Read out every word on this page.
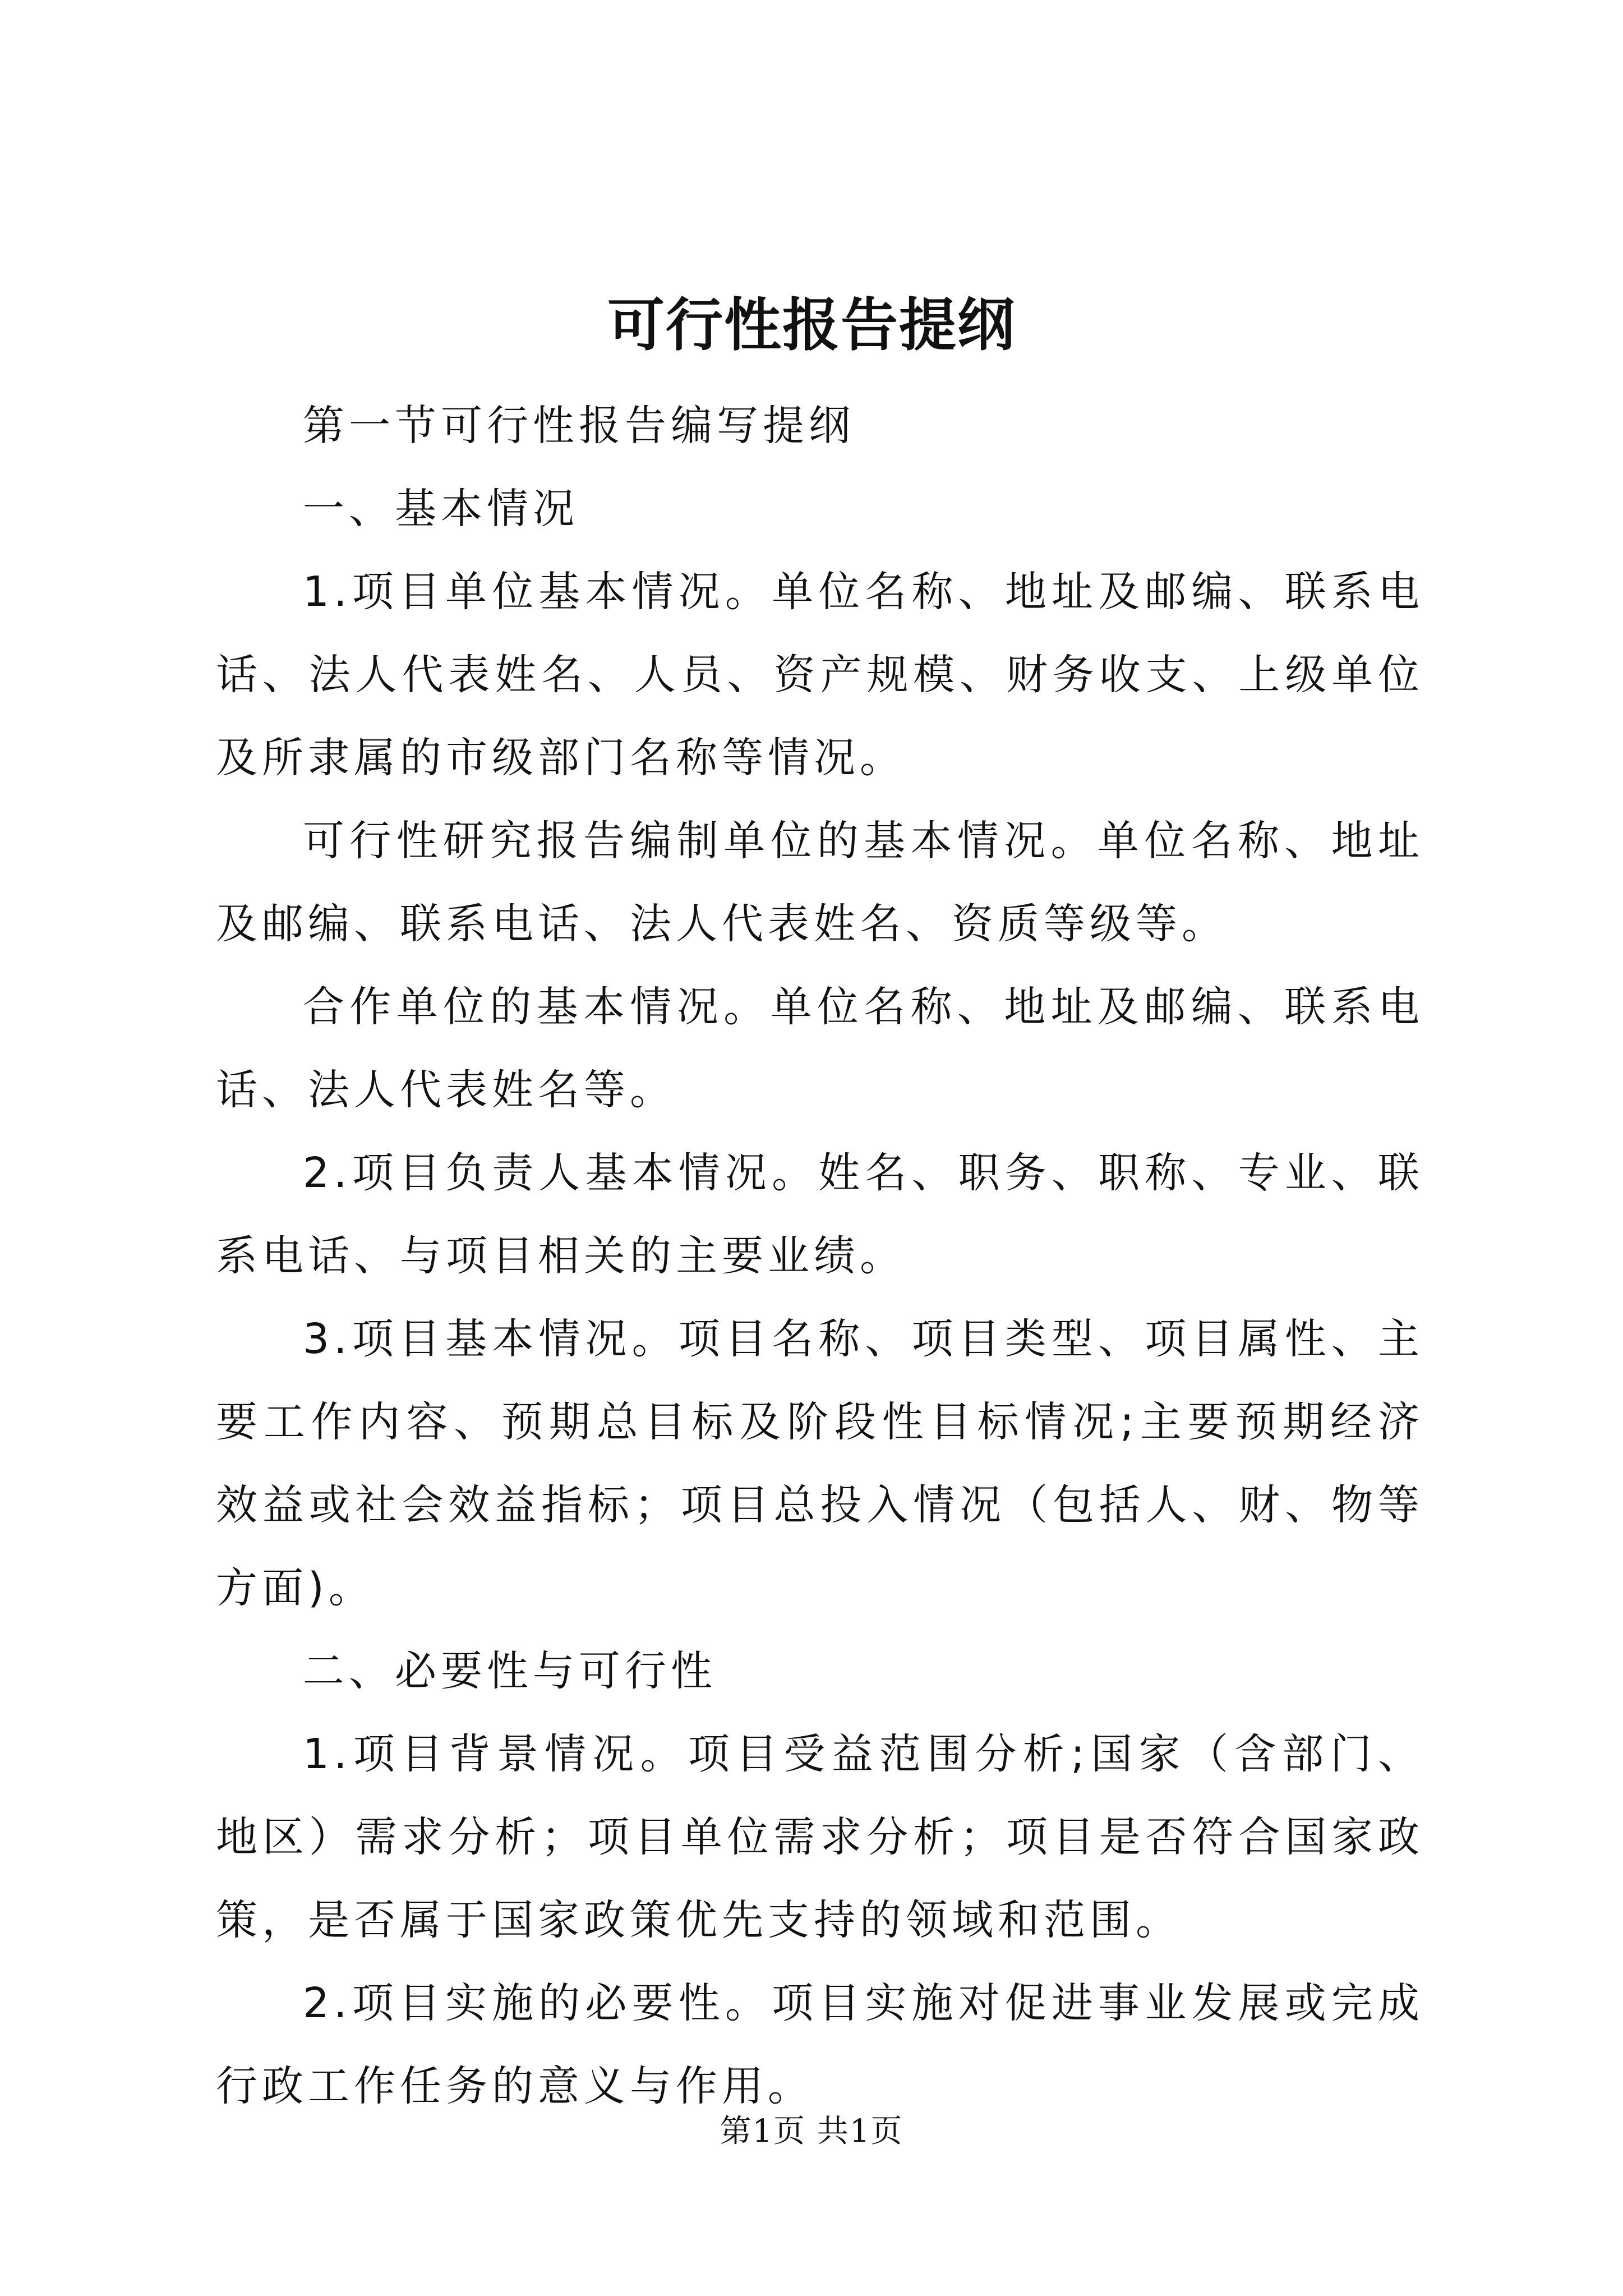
可行性报告提纲

第一节可行性报告编写提纲

一、基本情况

1.项目单位基本情况。单位名称、地址及邮编、联系电话、法人代表姓名、人员、资产规模、财务收支、上级单位及所隶属的市级部门名称等情况。

可行性研究报告编制单位的基本情况。单位名称、地址及邮编、联系电话、法人代表姓名、资质等级等。

合作单位的基本情况。单位名称、地址及邮编、联系电话、法人代表姓名等。

2.项目负责人基本情况。姓名、职务、职称、专业、联系电话、与项目相关的主要业绩。

3.项目基本情况。项目名称、项目类型、项目属性、主要工作内容、预期总目标及阶段性目标情况;主要预期经济效益或社会效益指标；项目总投入情况（包括人、财、物等方面)。

二、必要性与可行性

1.项目背景情况。项目受益范围分析;国家（含部门、地区）需求分析；项目单位需求分析；项目是否符合国家政策，是否属于国家政策优先支持的领域和范围。

2.项目实施的必要性。项目实施对促进事业发展或完成行政工作任务的意义与作用。

第1页 共1页
